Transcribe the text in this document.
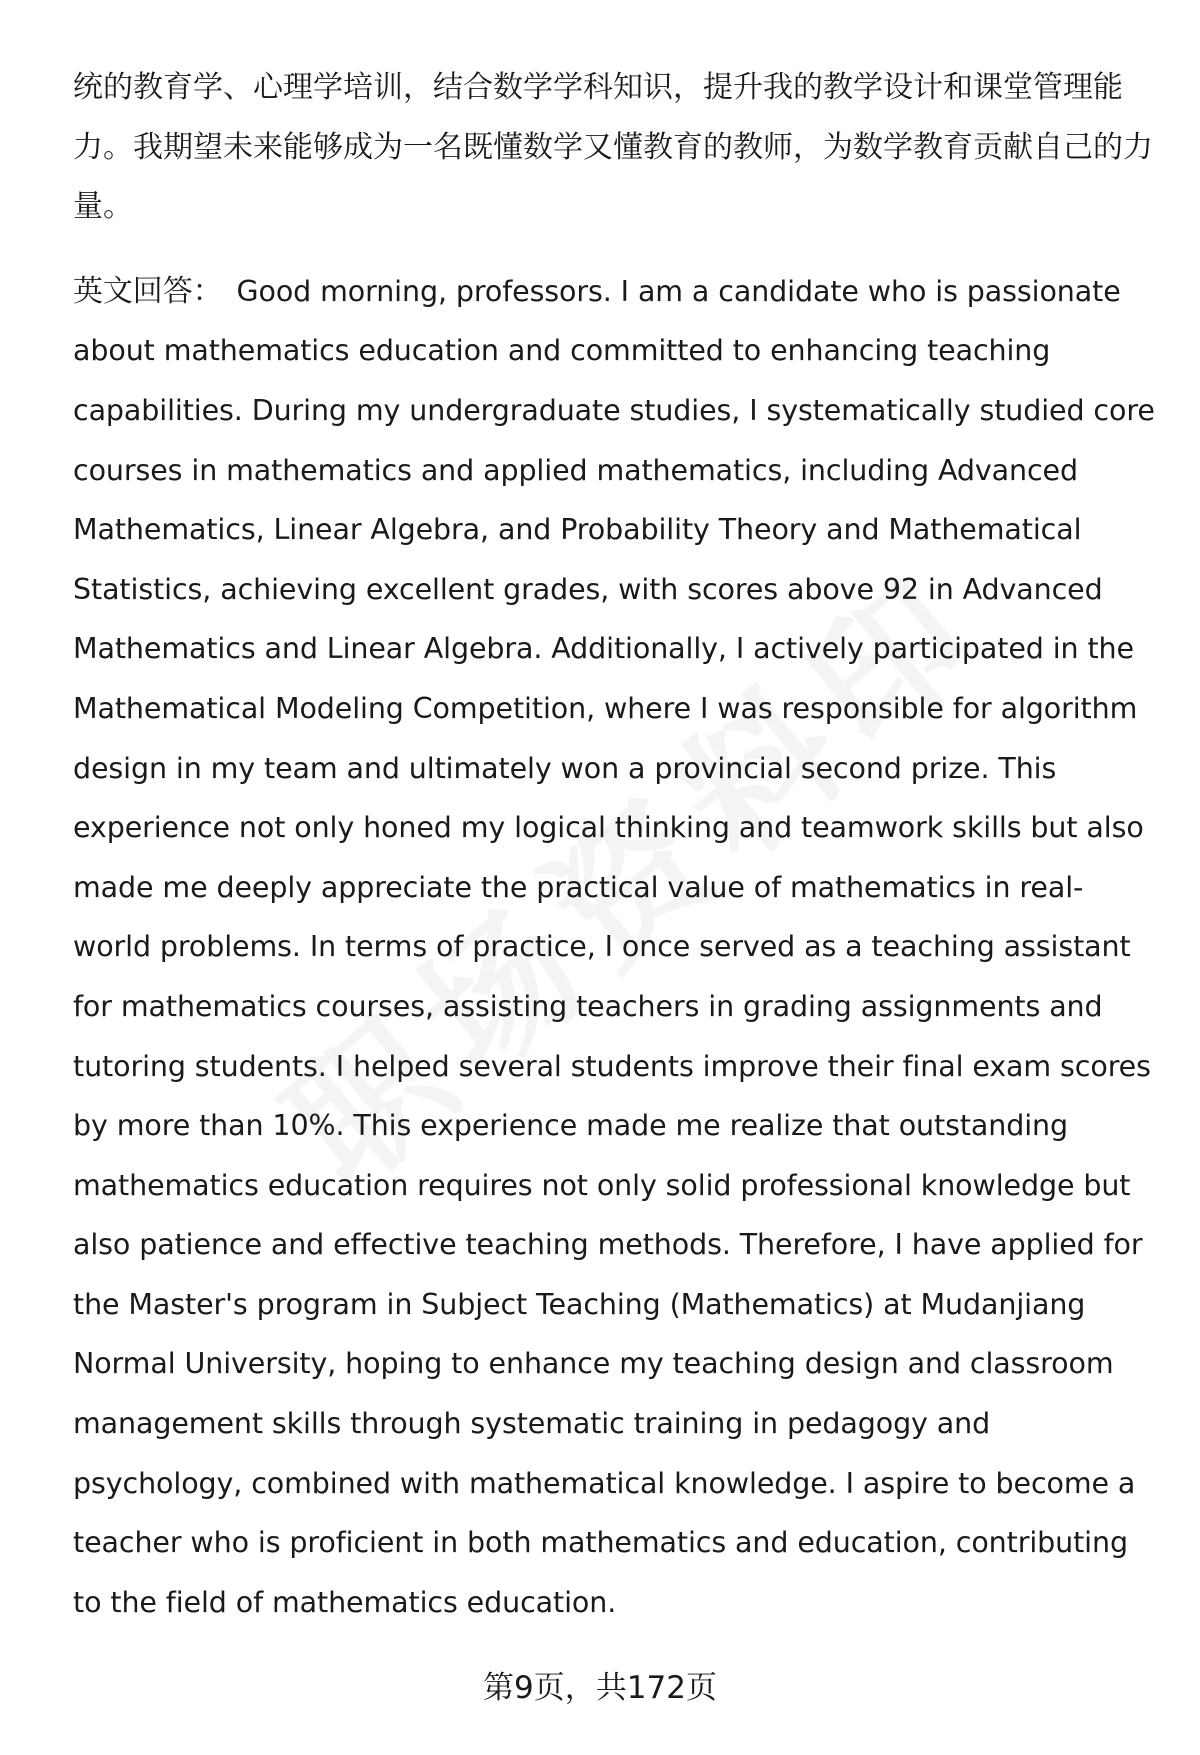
统的教育学、心理学培训，结合数学学科知识，提升我的教学设计和课堂管理能力。我期望未来能够成为一名既懂数学又懂教育的教师，为数学教育贡献自己的力量。

英文回答： Good morning, professors. I am a candidate who is passionate about mathematics education and committed to enhancing teaching capabilities. During my undergraduate studies, I systematically studied core courses in mathematics and applied mathematics, including Advanced Mathematics, Linear Algebra, and Probability Theory and Mathematical Statistics, achieving excellent grades, with scores above 92 in Advanced Mathematics and Linear Algebra. Additionally, I actively participated in the Mathematical Modeling Competition, where I was responsible for algorithm design in my team and ultimately won a provincial second prize. This experience not only honed my logical thinking and teamwork skills but also made me deeply appreciate the practical value of mathematics in real-world problems. In terms of practice, I once served as a teaching assistant for mathematics courses, assisting teachers in grading assignments and tutoring students. I helped several students improve their final exam scores by more than 10%. This experience made me realize that outstanding mathematics education requires not only solid professional knowledge but also patience and effective teaching methods. Therefore, I have applied for the Master's program in Subject Teaching (Mathematics) at Mudanjiang Normal University, hoping to enhance my teaching design and classroom management skills through systematic training in pedagogy and psychology, combined with mathematical knowledge. I aspire to become a teacher who is proficient in both mathematics and education, contributing to the field of mathematics education.

第9页，共172页
